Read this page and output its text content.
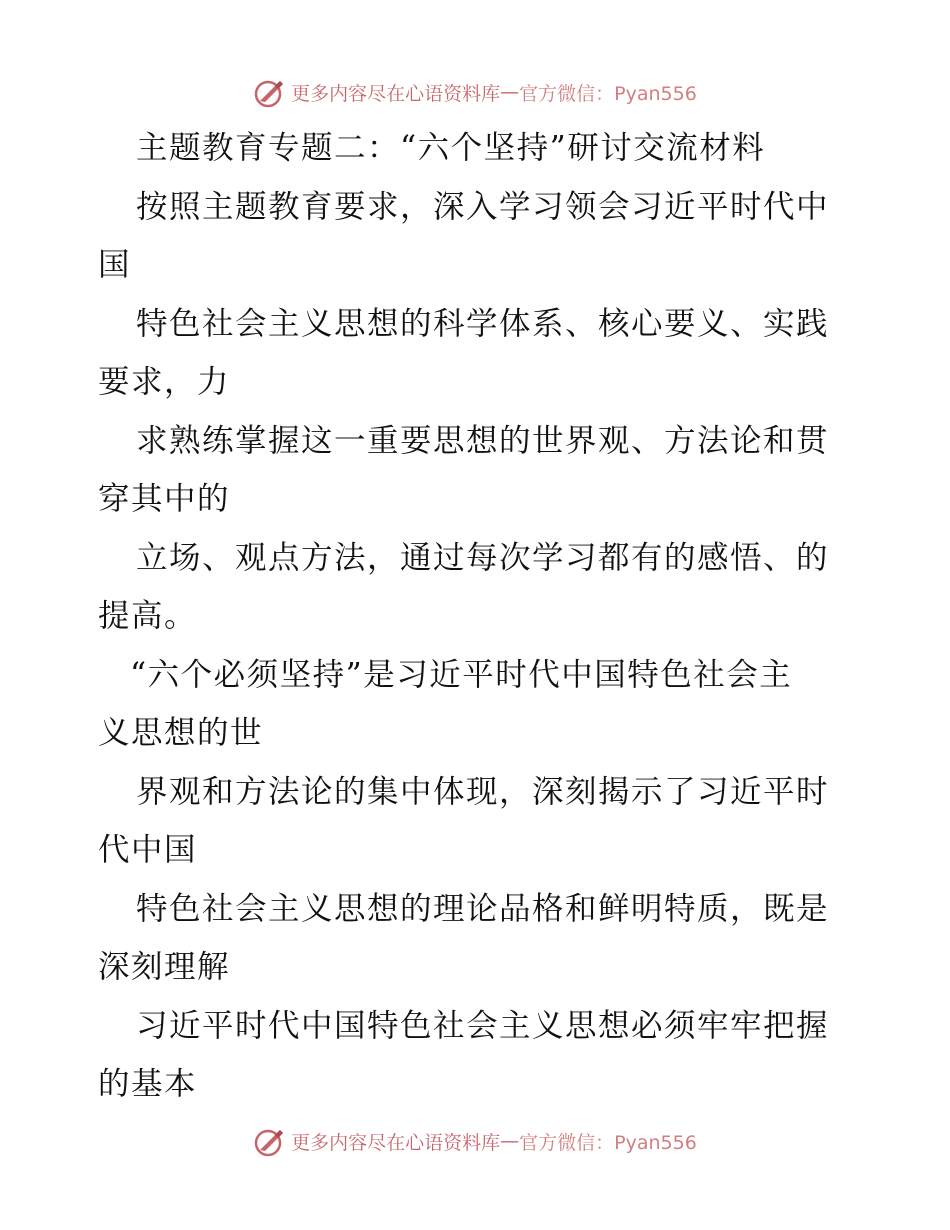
更多内容尽在心语资料库 — 官方微信：Pyan556
主题教育专题二：“六个坚持”研讨交流材料
按照主题教育要求，深入学习领会习近平时代中
国
特色社会主义思想的科学体系、核心要义、实践
要求，力
求熟练掌握这一重要思想的世界观、方法论和贯
穿其中的
立场、观点方法，通过每次学习都有的感悟、的
提高。
“六个必须坚持”是习近平时代中国特色社会主
义思想的世
界观和方法论的集中体现，深刻揭示了习近平时
代中国
特色社会主义思想的理论品格和鲜明特质，既是
深刻理解
习近平时代中国特色社会主义思想必须牢牢把握
的基本
更多内容尽在心语资料库 — 官方微信：Pyan556
